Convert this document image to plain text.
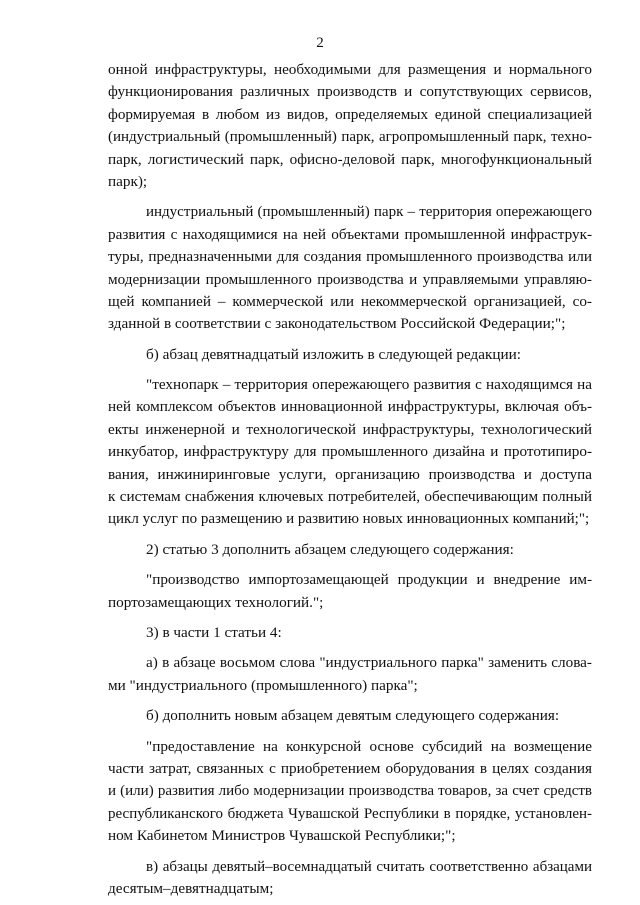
2
онной инфраструктуры, необходимыми для размещения и нормального
функционирования различных производств и сопутствующих сервисов,
формируемая в любом из видов, определяемых единой специализацией
(индустриальный (промышленный) парк, агропромышленный парк, техно-
парк, логистический парк, офисно-деловой парк, многофункциональный
парк);
индустриальный (промышленный) парк – территория опережающего
развития с находящимися на ней объектами промышленной инфраструк-
туры, предназначенными для создания промышленного производства или
модернизации промышленного производства и управляемыми управляю-
щей компанией – коммерческой или некоммерческой организацией, со-
зданной в соответствии с законодательством Российской Федерации;";
б) абзац девятнадцатый изложить в следующей редакции:
"технопарк – территория опережающего развития с находящимся на
ней комплексом объектов инновационной инфраструктуры, включая объ-
екты инженерной и технологической инфраструктуры, технологический
инкубатор, инфраструктуру для промышленного дизайна и прототипиро-
вания, инжиниринговые услуги, организацию производства и доступа
к системам снабжения ключевых потребителей, обеспечивающим полный
цикл услуг по размещению и развитию новых инновационных компаний;";
2) статью 3 дополнить абзацем следующего содержания:
"производство импортозамещающей продукции и внедрение им-
портозамещающих технологий.";
3) в части 1 статьи 4:
а) в абзаце восьмом слова "индустриального парка" заменить слова-
ми "индустриального (промышленного) парка";
б) дополнить новым абзацем девятым следующего содержания:
"предоставление на конкурсной основе субсидий на возмещение
части затрат, связанных с приобретением оборудования в целях создания
и (или) развития либо модернизации производства товаров, за счет средств
республиканского бюджета Чувашской Республики в порядке, установлен-
ном Кабинетом Министров Чувашской Республики;";
в) абзацы девятый–восемнадцатый считать соответственно абзацами
десятым–девятнадцатым;
